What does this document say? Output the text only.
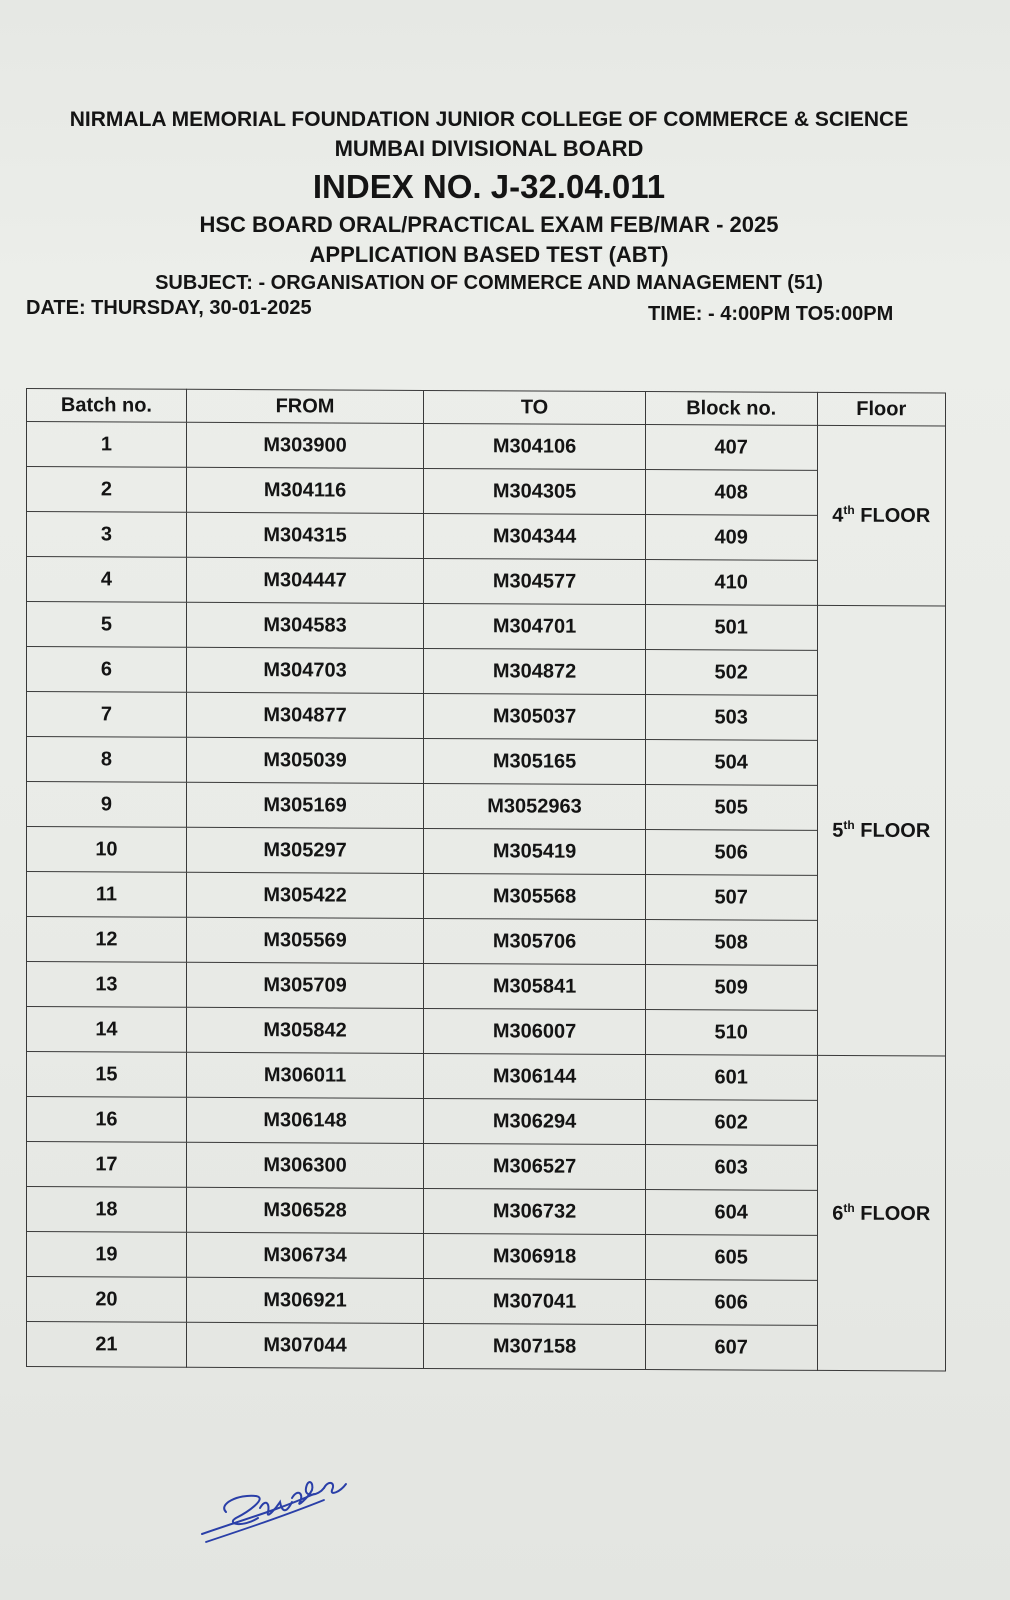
NIRMALA MEMORIAL FOUNDATION JUNIOR COLLEGE OF COMMERCE & SCIENCE
MUMBAI DIVISIONAL BOARD
INDEX NO. J-32.04.011
HSC BOARD ORAL/PRACTICAL EXAM FEB/MAR - 2025
APPLICATION BASED TEST (ABT)
SUBJECT: - ORGANISATION OF COMMERCE AND MANAGEMENT (51)
DATE: THURSDAY, 30-01-2025	TIME: - 4:00PM TO5:00PM
Batch no.	FROM	TO	Block no.	Floor
1	M303900	M304106	407	4th FLOOR
2	M304116	M304305	408	
3	M304315	M304344	409	
4	M304447	M304577	410	
5	M304583	M304701	501	5th FLOOR
6	M304703	M304872	502	
7	M304877	M305037	503	
8	M305039	M305165	504	
9	M305169	M3052963	505	
10	M305297	M305419	506	
11	M305422	M305568	507	
12	M305569	M305706	508	
13	M305709	M305841	509	
14	M305842	M306007	510	
15	M306011	M306144	601	6th FLOOR
16	M306148	M306294	602	
17	M306300	M306527	603	
18	M306528	M306732	604	
19	M306734	M306918	605	
20	M306921	M307041	606	
21	M307044	M307158	607	
